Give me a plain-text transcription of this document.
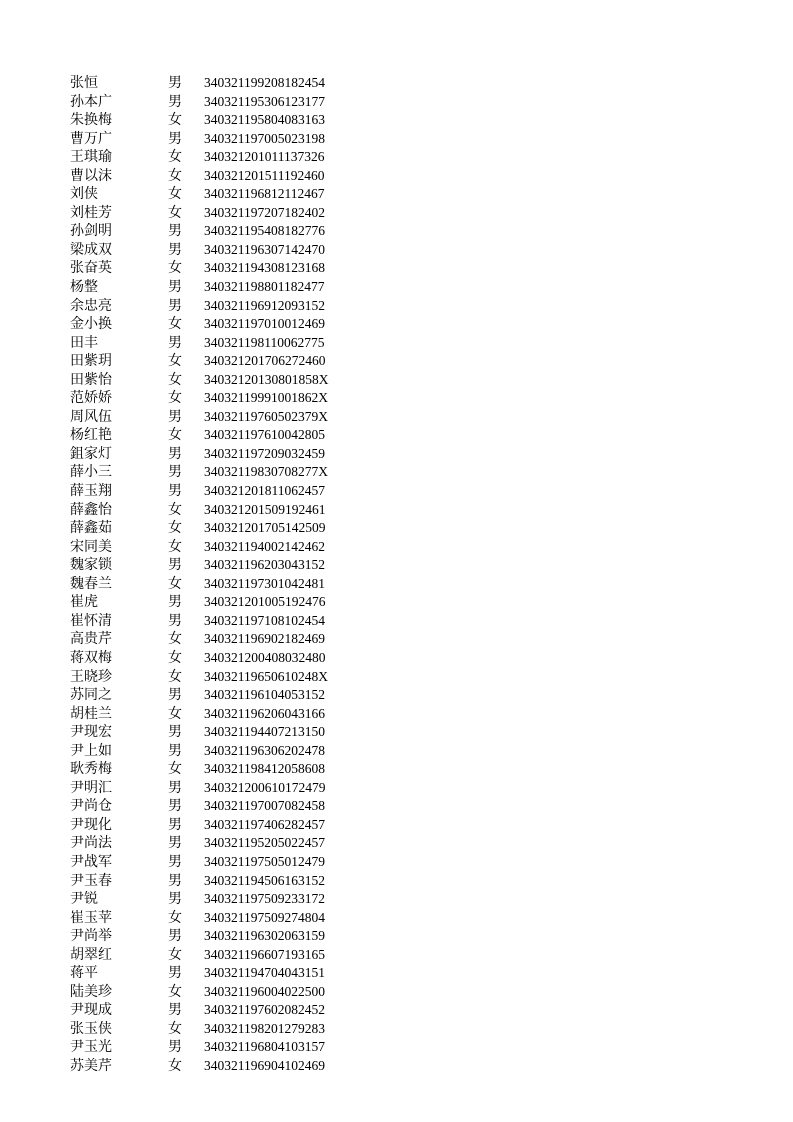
张恒	男	340321199208182454
孙本广	男	340321195306123177
朱换梅	女	340321195804083163
曹万广	男	340321197005023198
王琪瑜	女	340321201011137326
曹以沫	女	340321201511192460
刘侠	女	340321196812112467
刘桂芳	女	340321197207182402
孙剑明	男	340321195408182776
梁成双	男	340321196307142470
张奋英	女	340321194308123168
杨整	男	340321198801182477
余忠亮	男	340321196912093152
金小换	女	340321197010012469
田丰	男	340321198110062775
田紫玥	女	340321201706272460
田紫怡	女	34032120130801858X
范娇娇	女	34032119991001862X
周风伍	男	34032119760502379X
杨红艳	女	340321197610042805
鉏家灯	男	340321197209032459
薛小三	男	34032119830708277X
薛玉翔	男	340321201811062457
薛鑫怡	女	340321201509192461
薛鑫茹	女	340321201705142509
宋同美	女	340321194002142462
魏家锁	男	340321196203043152
魏春兰	女	340321197301042481
崔虎	男	340321201005192476
崔怀清	男	340321197108102454
高贵芹	女	340321196902182469
蒋双梅	女	340321200408032480
王晓珍	女	34032119650610248X
苏同之	男	340321196104053152
胡桂兰	女	340321196206043166
尹现宏	男	340321194407213150
尹上如	男	340321196306202478
耿秀梅	女	340321198412058608
尹明汇	男	340321200610172479
尹尚仓	男	340321197007082458
尹现化	男	340321197406282457
尹尚法	男	340321195205022457
尹战军	男	340321197505012479
尹玉春	男	340321194506163152
尹锐	男	340321197509233172
崔玉苹	女	340321197509274804
尹尚举	男	340321196302063159
胡翠红	女	340321196607193165
蒋平	男	340321194704043151
陆美珍	女	340321196004022500
尹现成	男	340321197602082452
张玉侠	女	340321198201279283
尹玉光	男	340321196804103157
苏美芹	女	340321196904102469
